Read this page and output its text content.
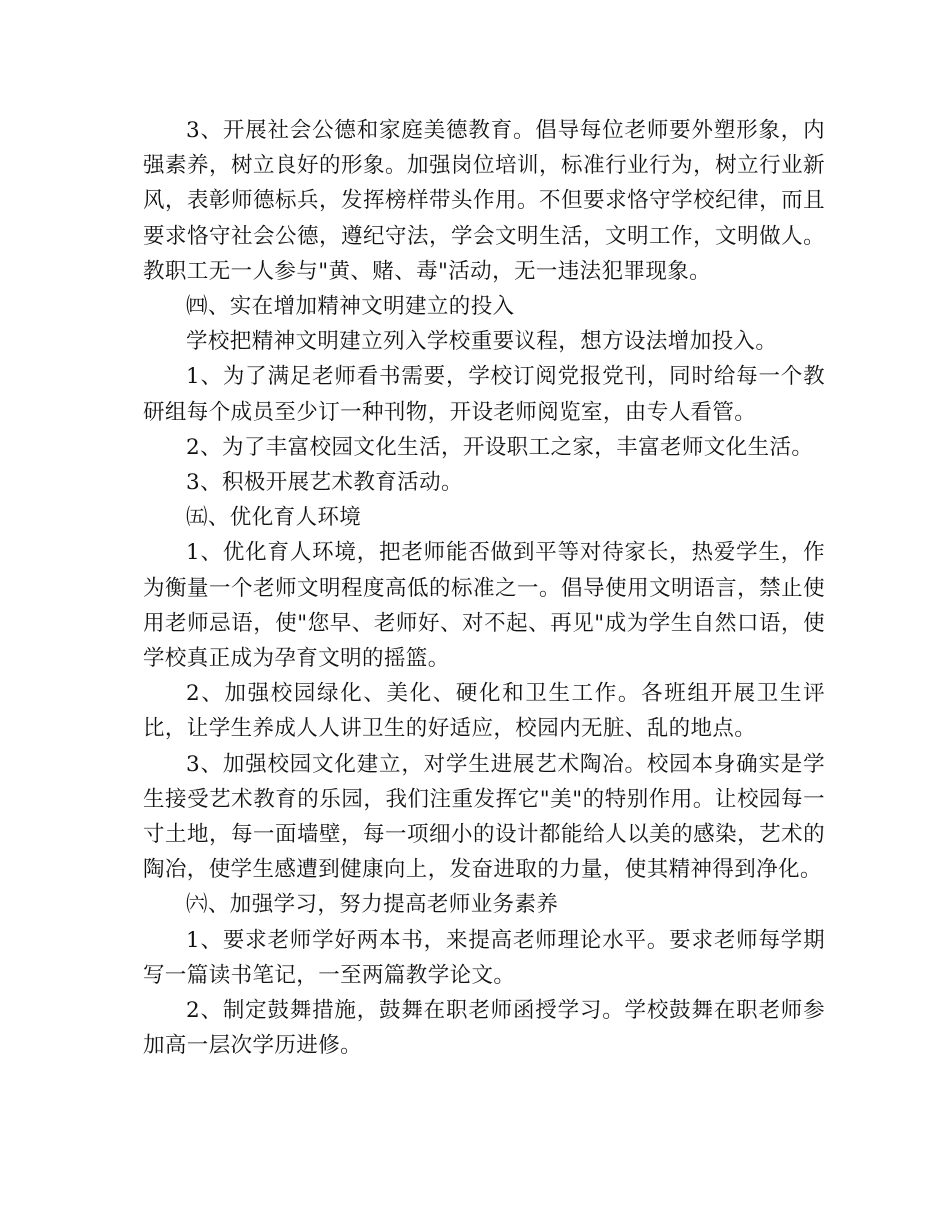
3、开展社会公德和家庭美德教育。倡导每位老师要外塑形象，内强素养，树立良好的形象。加强岗位培训，标准行业行为，树立行业新风，表彰师德标兵，发挥榜样带头作用。不但要求恪守学校纪律，而且要求恪守社会公德，遵纪守法，学会文明生活，文明工作，文明做人。教职工无一人参与"黄、赌、毒"活动，无一违法犯罪现象。

㈣、实在增加精神文明建立的投入

学校把精神文明建立列入学校重要议程，想方设法增加投入。

1、为了满足老师看书需要，学校订阅党报党刊，同时给每一个教研组每个成员至少订一种刊物，开设老师阅览室，由专人看管。

2、为了丰富校园文化生活，开设职工之家，丰富老师文化生活。

3、积极开展艺术教育活动。

㈤、优化育人环境

1、优化育人环境，把老师能否做到平等对待家长，热爱学生，作为衡量一个老师文明程度高低的标准之一。倡导使用文明语言，禁止使用老师忌语，使"您早、老师好、对不起、再见"成为学生自然口语，使学校真正成为孕育文明的摇篮。

2、加强校园绿化、美化、硬化和卫生工作。各班组开展卫生评比，让学生养成人人讲卫生的好适应，校园内无脏、乱的地点。

3、加强校园文化建立，对学生进展艺术陶冶。校园本身确实是学生接受艺术教育的乐园，我们注重发挥它"美"的特别作用。让校园每一寸土地，每一面墙壁，每一项细小的设计都能给人以美的感染，艺术的陶冶，使学生感遭到健康向上，发奋进取的力量，使其精神得到净化。

㈥、加强学习，努力提高老师业务素养

1、要求老师学好两本书，来提高老师理论水平。要求老师每学期写一篇读书笔记，一至两篇教学论文。

2、制定鼓舞措施，鼓舞在职老师函授学习。学校鼓舞在职老师参加高一层次学历进修。
